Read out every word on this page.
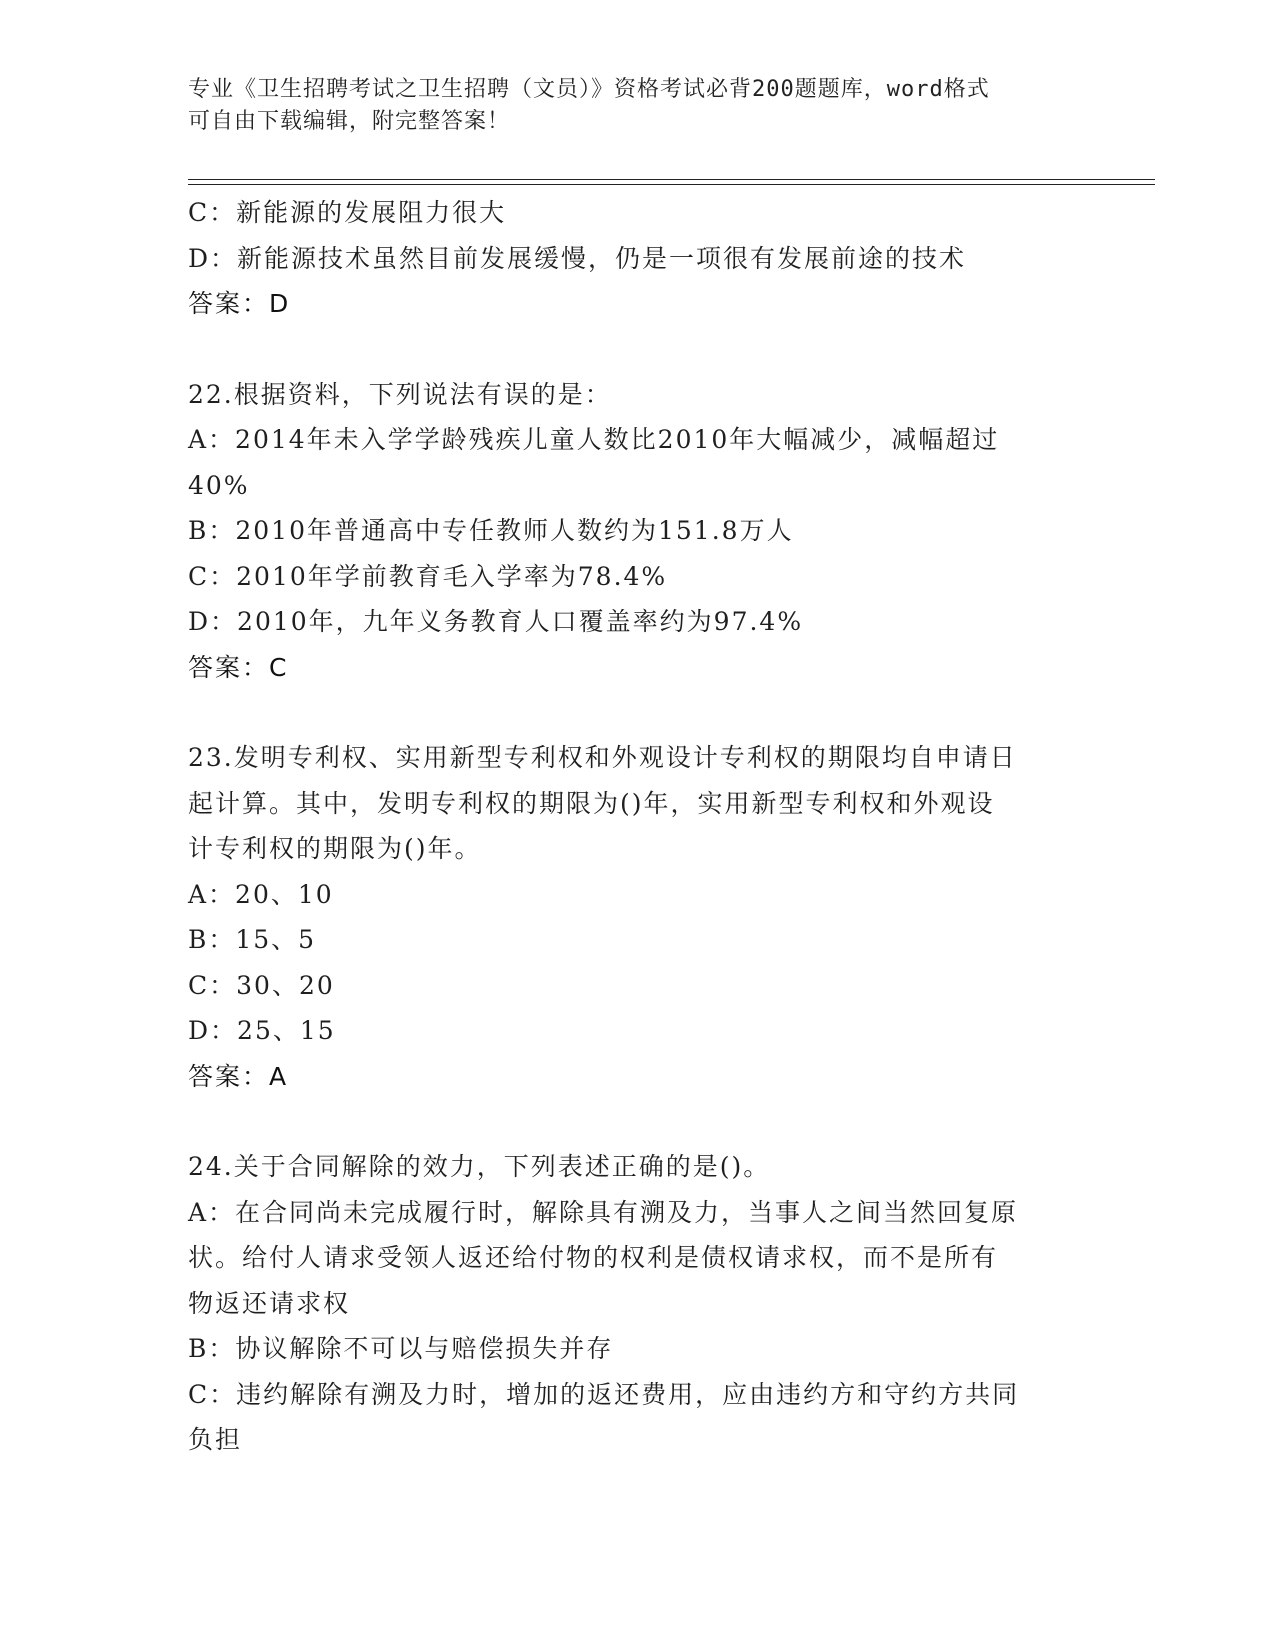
专业《卫生招聘考试之卫生招聘（文员）》资格考试必背200题题库，word格式
可自由下载编辑，附完整答案！
C：新能源的发展阻力很大
D：新能源技术虽然目前发展缓慢，仍是一项很有发展前途的技术
答案：D
22.根据资料，下列说法有误的是：
A：2014年未入学学龄残疾儿童人数比2010年大幅减少，减幅超过
40%
B：2010年普通高中专任教师人数约为151.8万人
C：2010年学前教育毛入学率为78.4%
D：2010年，九年义务教育人口覆盖率约为97.4%
答案：C
23.发明专利权、实用新型专利权和外观设计专利权的期限均自申请日
起计算。其中，发明专利权的期限为()年，实用新型专利权和外观设
计专利权的期限为()年。
A：20、10
B：15、5
C：30、20
D：25、15
答案：A
24.关于合同解除的效力，下列表述正确的是()。
A：在合同尚未完成履行时，解除具有溯及力，当事人之间当然回复原
状。给付人请求受领人返还给付物的权利是债权请求权，而不是所有
物返还请求权
B：协议解除不可以与赔偿损失并存
C：违约解除有溯及力时，增加的返还费用，应由违约方和守约方共同
负担
